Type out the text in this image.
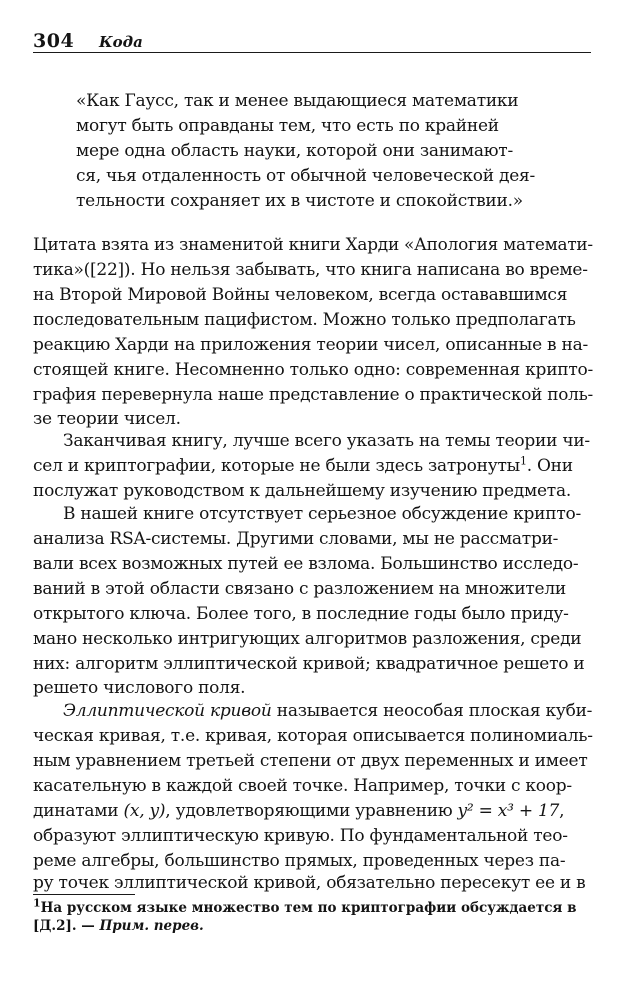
304 Кода
«Как Гаусс, так и менее выдающиеся математики
могут быть оправданы тем, что есть по крайней
мере одна область науки, которой они занимают-
ся, чья отдаленность от обычной человеческой дея-
тельности сохраняет их в чистоте и спокойствии.»
Цитата взята из знаменитой книги Харди «Апология математи-
тика»([22]). Но нельзя забывать, что книга написана во време-
на Второй Мировой Войны человеком, всегда остававшимся
последовательным пацифистом. Можно только предполагать
реакцию Харди на приложения теории чисел, описанные в на-
стоящей книге. Несомненно только одно: современная крипто-
графия перевернула наше представление о практической поль-
зе теории чисел.
Заканчивая книгу, лучше всего указать на темы теории чи-
сел и криптографии, которые не были здесь затронуты$^1$. Они
послужат руководством к дальнейшему изучению предмета.
В нашей книге отсутствует серьезное обсуждение крипто-
анализа RSA-системы. Другими словами, мы не рассматри-
вали всех возможных путей ее взлома. Большинство исследо-
ваний в этой области связано с разложением на множители
открытого ключа. Более того, в последние годы было приду-
мано несколько интригующих алгоритмов разложения, среди
них: алгоритм эллиптической кривой; квадратичное решето и
решето числового поля.
Эллиптической кривой называется неособая плоская куби-
ческая кривая, т.е. кривая, которая описывается полиномиаль-
ным уравнением третьей степени от двух переменных и имеет
касательную в каждой своей точке. Например, точки с коор-
динатами (x, y), удовлетворяющими уравнению y² = x³ + 17,
образуют эллиптическую кривую. По фундаментальной тео-
реме алгебры, большинство прямых, проведенных через па-
ру точек эллиптической кривой, обязательно пересекут ее и в
$^1$На русском языке множество тем по криптографии обсуждается в
[Д.2]. — Прим. перев.
